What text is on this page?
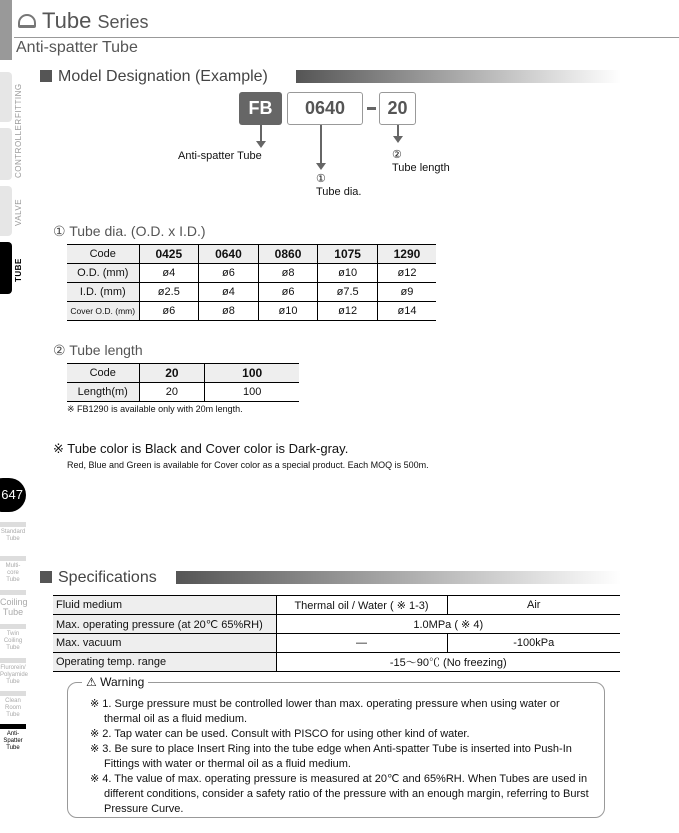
FITTING
CONTROLLER
VALVE
TUBE
Tube Series
Anti-spatter Tube
Model Designation (Example)
FB	0640	20
Anti-spatter Tube
①
Tube dia.
②
Tube length
① Tube dia. (O.D. x I.D.)
Code	0425	0640	0860	1075	1290
O.D. (mm)	ø4	ø6	ø8	ø10	ø12
I.D. (mm)	ø2.5	ø4	ø6	ø7.5	ø9
Cover O.D. (mm)	ø6	ø8	ø10	ø12	ø14
② Tube length
Code	20	100
Length(m)	20	100
※ FB1290 is available only with 20m length.
※ Tube color is Black and Cover color is Dark-gray.
Red, Blue and Green is available for Cover color as a special product. Each MOQ is 500m.
647
Standard Tube
Multi-core Tube
Coiling Tube
Twin Coiling Tube
Flurorein/ Polyamide Tube
Clean Room Tube
Anti-Spatter Tube
Specifications
Fluid medium	Thermal oil / Water ( ※ 1-3)	Air
Max. operating pressure (at 20℃ 65%RH)	1.0MPa ( ※ 4)	
Max. vacuum	—	-100kPa
Operating temp. range	-15～90℃ (No freezing)	
⚠ Warning
※ 1. Surge pressure must be controlled lower than max. operating pressure when using water or thermal oil as a fluid medium.
※ 2. Tap water can be used. Consult with PISCO for using other kind of water.
※ 3. Be sure to place Insert Ring into the tube edge when Anti-spatter Tube is inserted into Push-In Fittings with water or thermal oil as a fluid medium.
※ 4. The value of max. operating pressure is measured at 20℃ and 65%RH. When Tubes are used in different conditions, consider a safety ratio of the pressure with an enough margin, referring to Burst Pressure Curve.
